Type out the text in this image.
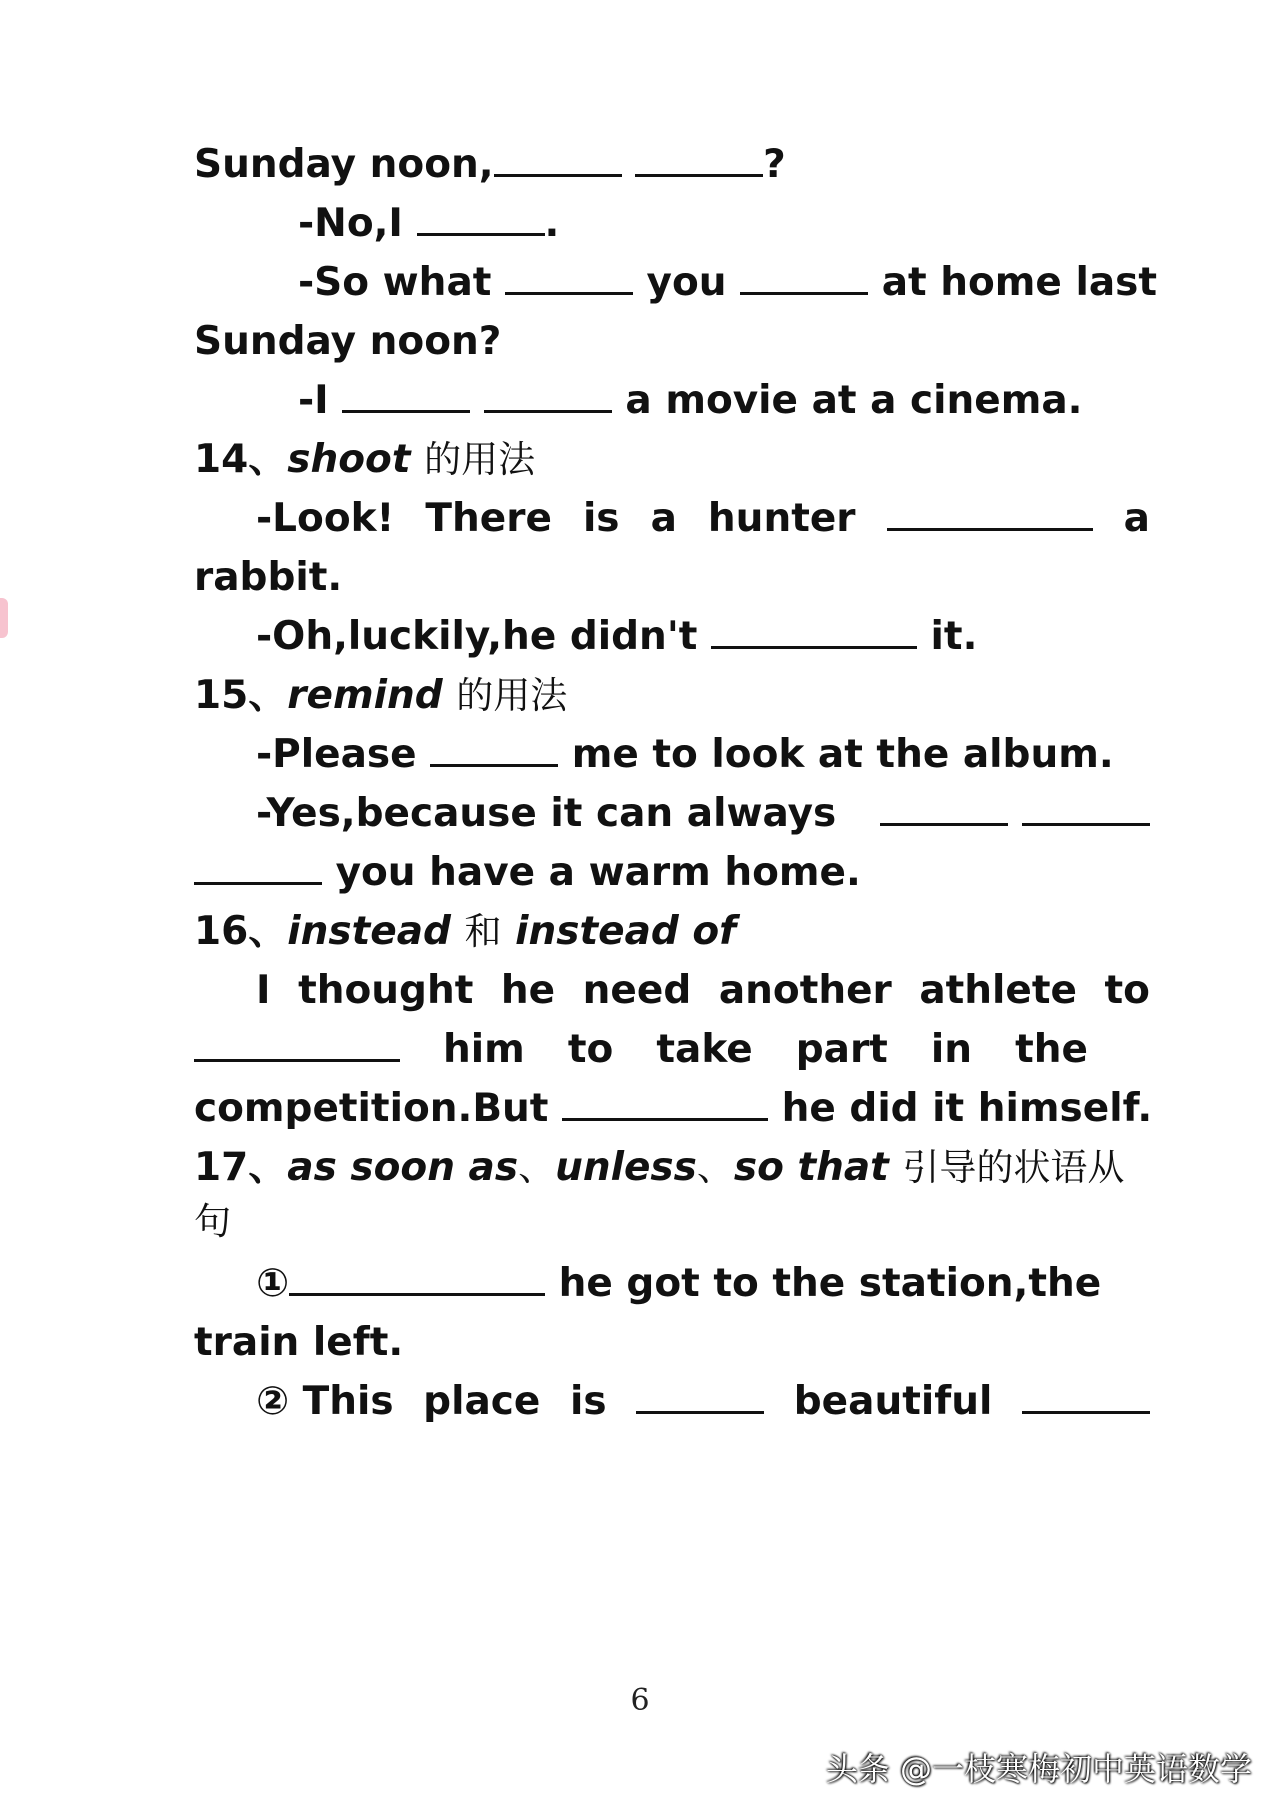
Sunday noon,	?
-No,I	.
-So what	you	at home last
Sunday noon?
-I	a movie at a cinema.
14、shoot 的用法
-Look! There is a hunter	a
rabbit.
-Oh,luckily,he didn't	it.
15、remind 的用法
-Please	me to look at the album.
-Yes,because it can always

you have a warm home.
16、instead 和 instead of
I thought he need another athlete to
him to take part in the
competition.But	he did it himself.
17、as soon as、unless、so that 引导的状语从
句
①	he got to the station,the
train left.
② This place is	beautiful
6
头条 @一枝寒梅初中英语数学
